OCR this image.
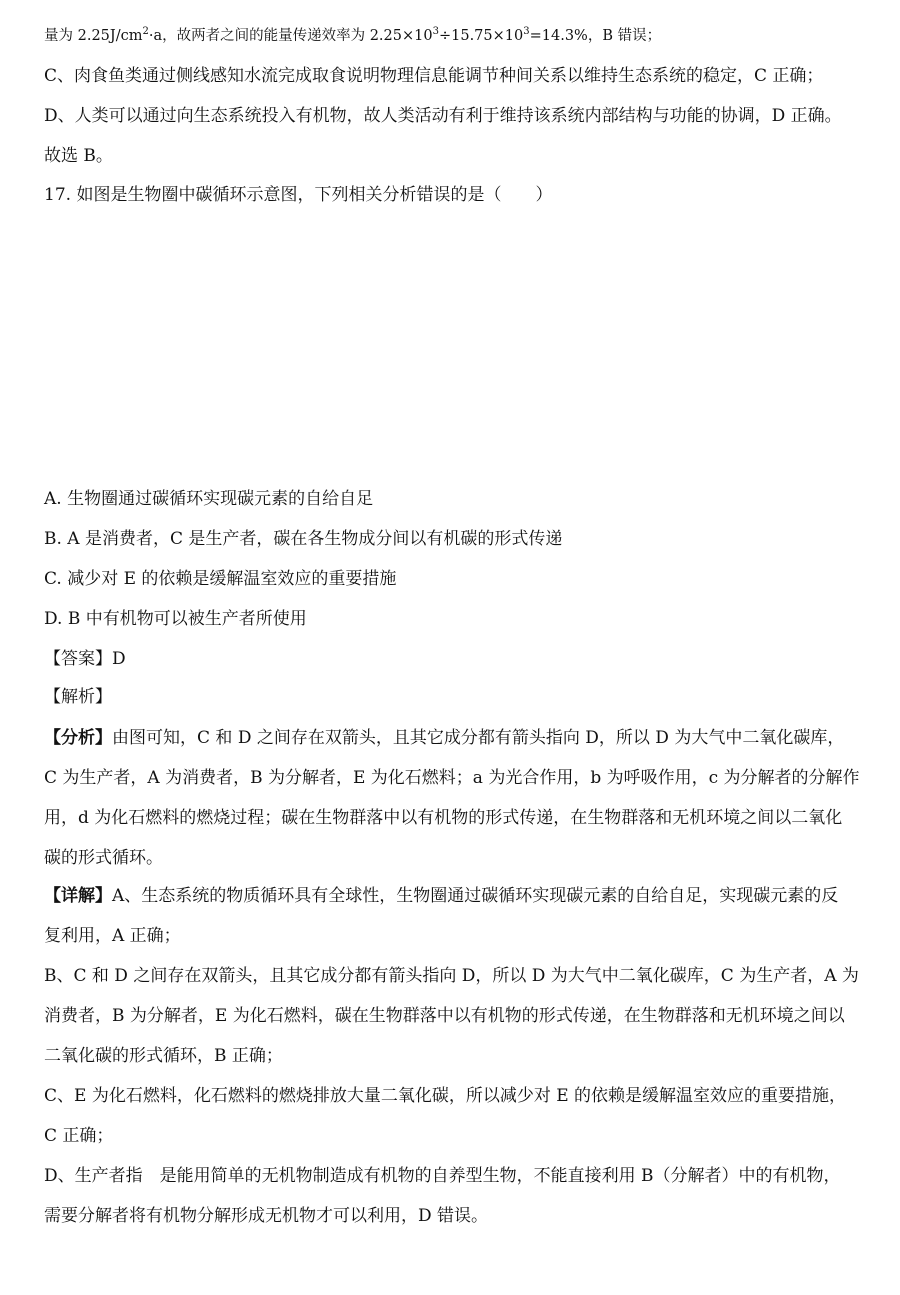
量为 $2.25J/cm^2\cdot a$，故两者之间的能量传递效率为 $2.25\times 10^3\div 15.75\times 10^3=14.3\%$，B 错误；
C、肉食鱼类通过侧线感知水流完成取食说明物理信息能调节种间关系以维持生态系统的稳定，C 正确；
D、人类可以通过向生态系统投入有机物，故人类活动有利于维持该系统内部结构与功能的协调，D 正确。
故选 B。
17. 如图是生物圈中碳循环示意图，下列相关分析错误的是（　　）
A. 生物圈通过碳循环实现碳元素的自给自足
B. A 是消费者，C 是生产者，碳在各生物成分间以有机碳的形式传递
C. 减少对 E 的依赖是缓解温室效应的重要措施
D. B 中有机物可以被生产者所使用
【答案】D
【解析】
【分析】由图可知，C 和 D 之间存在双箭头，且其它成分都有箭头指向 D，所以 D 为大气中二氧化碳库，
C 为生产者，A 为消费者，B 为分解者，E 为化石燃料；a 为光合作用，b 为呼吸作用，c 为分解者的分解作
用，d 为化石燃料的燃烧过程；碳在生物群落中以有机物的形式传递，在生物群落和无机环境之间以二氧化
碳的形式循环。
【详解】A、生态系统的物质循环具有全球性，生物圈通过碳循环实现碳元素的自给自足，实现碳元素的反
复利用，A 正确；
B、C 和 D 之间存在双箭头，且其它成分都有箭头指向 D，所以 D 为大气中二氧化碳库，C 为生产者，A 为
消费者，B 为分解者，E 为化石燃料，碳在生物群落中以有机物的形式传递，在生物群落和无机环境之间以
二氧化碳的形式循环，B 正确；
C、E 为化石燃料，化石燃料的燃烧排放大量二氧化碳，所以减少对 E 的依赖是缓解温室效应的重要措施，
C 正确；
D、生产者指　是能用简单的无机物制造成有机物的自养型生物，不能直接利用 B（分解者）中的有机物，
需要分解者将有机物分解形成无机物才可以利用，D 错误。
